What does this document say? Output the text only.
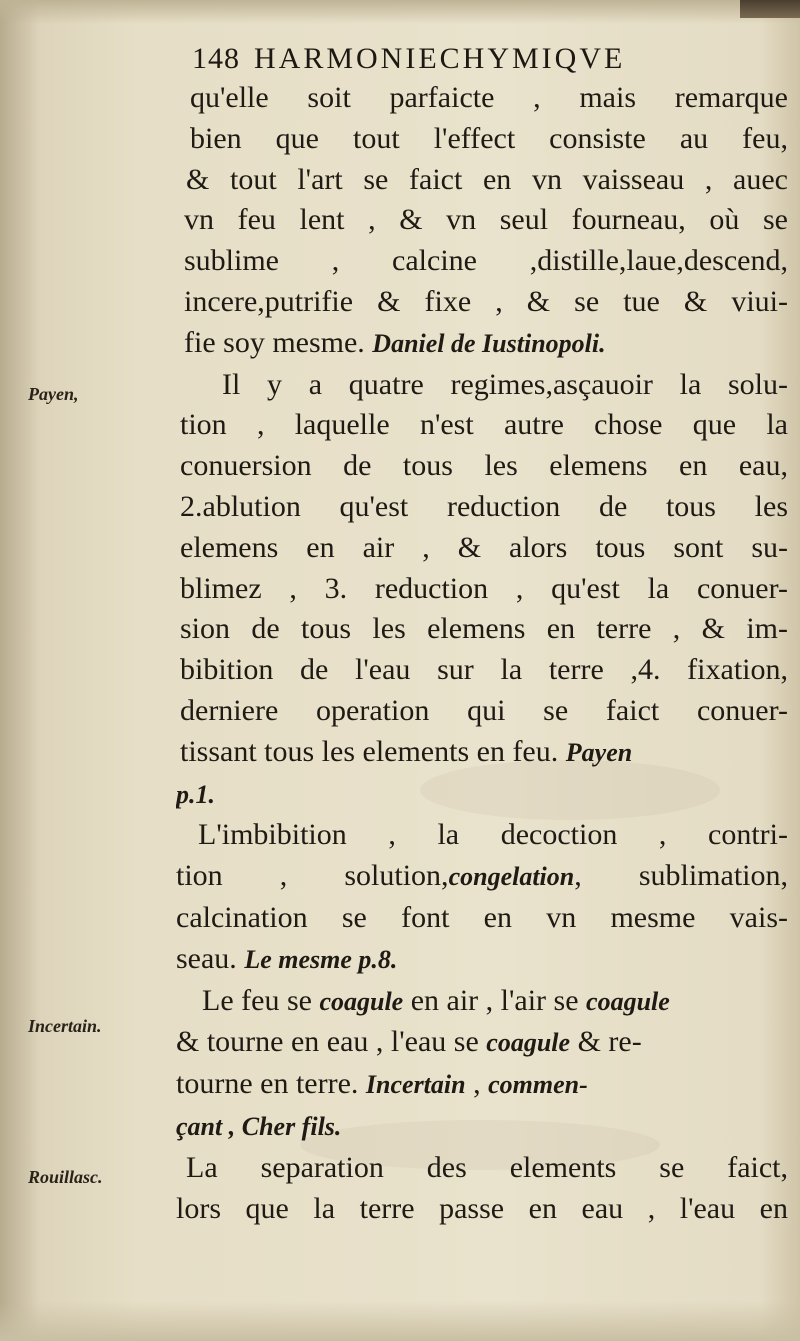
148 HARMONIECHYMIQVE
Payen,
Incertain.
Rouillasc.
qu'elle soit parfaicte , mais remarque
bien que tout l'effect consiste au feu,
& tout l'art se faict en vn vaisseau , auec
vn feu lent , & vn seul fourneau, où se
sublime , calcine ,distille,laue,descend,
incere,putrifie & fixe , & se tue & viui-
fie soy mesme. Daniel de Iustinopoli.
Il y a quatre regimes,asçauoir la solu-
tion , laquelle n'est autre chose que la
conuersion de tous les elemens en eau,
2.ablution qu'est reduction de tous les
elemens en air , & alors tous sont su-
blimez , 3. reduction , qu'est la conuer-
sion de tous les elemens en terre , & im-
bibition de l'eau sur la terre ,4. fixation,
derniere operation qui se faict conuer-
tissant tous les elements en feu. Payen
p.1.
L'imbibition , la decoction , contri-
tion , solution,congelation, sublimation,
calcination se font en vn mesme vais-
seau. Le mesme p.8.
Le feu se coagule en air , l'air se coagule
& tourne en eau , l'eau se coagule & re-
tourne en terre. Incertain , commen-
çant , Cher fils.
La separation des elements se faict,
lors que la terre passe en eau , l'eau en
